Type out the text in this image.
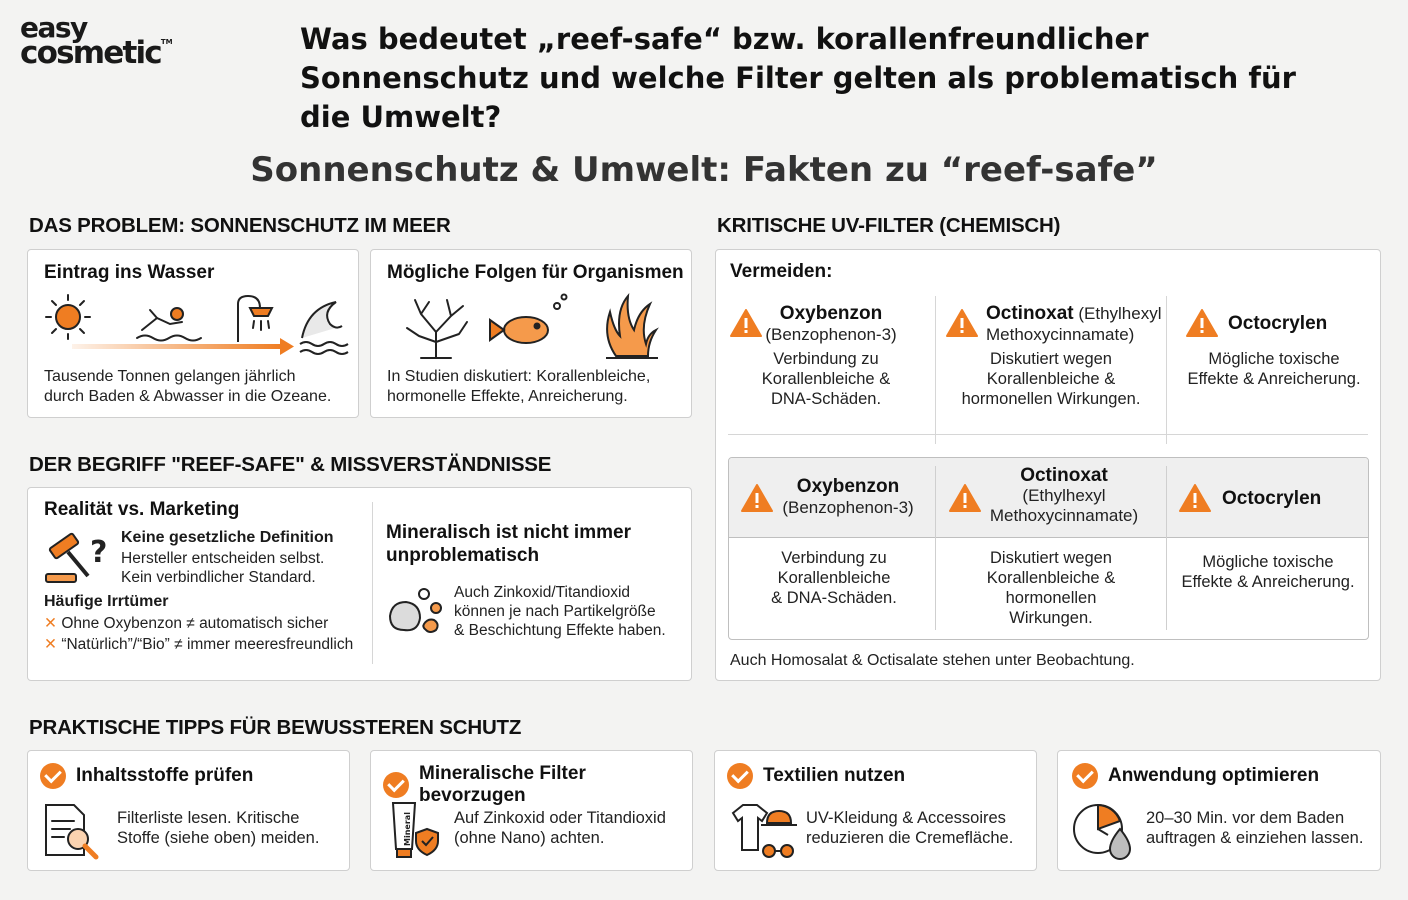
easy
cosmetic™	Was bedeutet „reef-safe“ bzw. korallenfreundlicher Sonnenschutz und welche Filter gelten als problematisch für die Umwelt?
Sonnenschutz & Umwelt: Fakten zu “reef-safe”
DAS PROBLEM: SONNENSCHUTZ IM MEER
Eintrag ins Wasser
Tausende Tonnen gelangen jährlich
durch Baden & Abwasser in die Ozeane.
Mögliche Folgen für Organismen
In Studien diskutiert: Korallenbleiche,
hormonelle Effekte, Anreicherung.
DER BEGRIFF "REEF-SAFE" & MISSVERSTÄNDNISSE
Realität vs. Marketing
? Keine gesetzliche Definition
Hersteller entscheiden selbst.
Kein verbindlicher Standard.
Häufige Irrtümer
✕ Ohne Oxybenzon ≠ automatisch sicher
✕ “Natürlich”/“Bio” ≠ immer meeresfreundlich
Mineralisch ist nicht immer
unproblematisch
Auch Zinkoxid/Titandioxid
können je nach Partikelgröße
& Beschichtung Effekte haben.
KRITISCHE UV-FILTER (CHEMISCH)
Vermeiden:
Oxybenzon
(Benzophenon-3)
Verbindung zu
Korallenbleiche &
DNA-Schäden.
Octinoxat (Ethylhexyl
Methoxycinnamate)
Diskutiert wegen
Korallenbleiche &
hormonellen Wirkungen.
Octocrylen
Mögliche toxische
Effekte & Anreicherung.
Oxybenzon
(Benzophenon-3)
Octinoxat
(Ethylhexyl
Methoxycinnamate)
Octocrylen
Verbindung zu
Korallenbleiche
& DNA-Schäden.
Diskutiert wegen
Korallenbleiche &
hormonellen
Wirkungen.
Mögliche toxische
Effekte & Anreicherung.
Auch Homosalat & Octisalate stehen unter Beobachtung.
PRAKTISCHE TIPPS FÜR BEWUSSTEREN SCHUTZ
Inhaltsstoffe prüfen
Filterliste lesen. Kritische
Stoffe (siehe oben) meiden.
Mineralische Filter bevorzugen
Mineral	Auf Zinkoxid oder Titandioxid
(ohne Nano) achten.
Textilien nutzen
UV-Kleidung & Accessoires
reduzieren die Cremefläche.
Anwendung optimieren
20–30 Min. vor dem Baden
auftragen & einziehen lassen.
